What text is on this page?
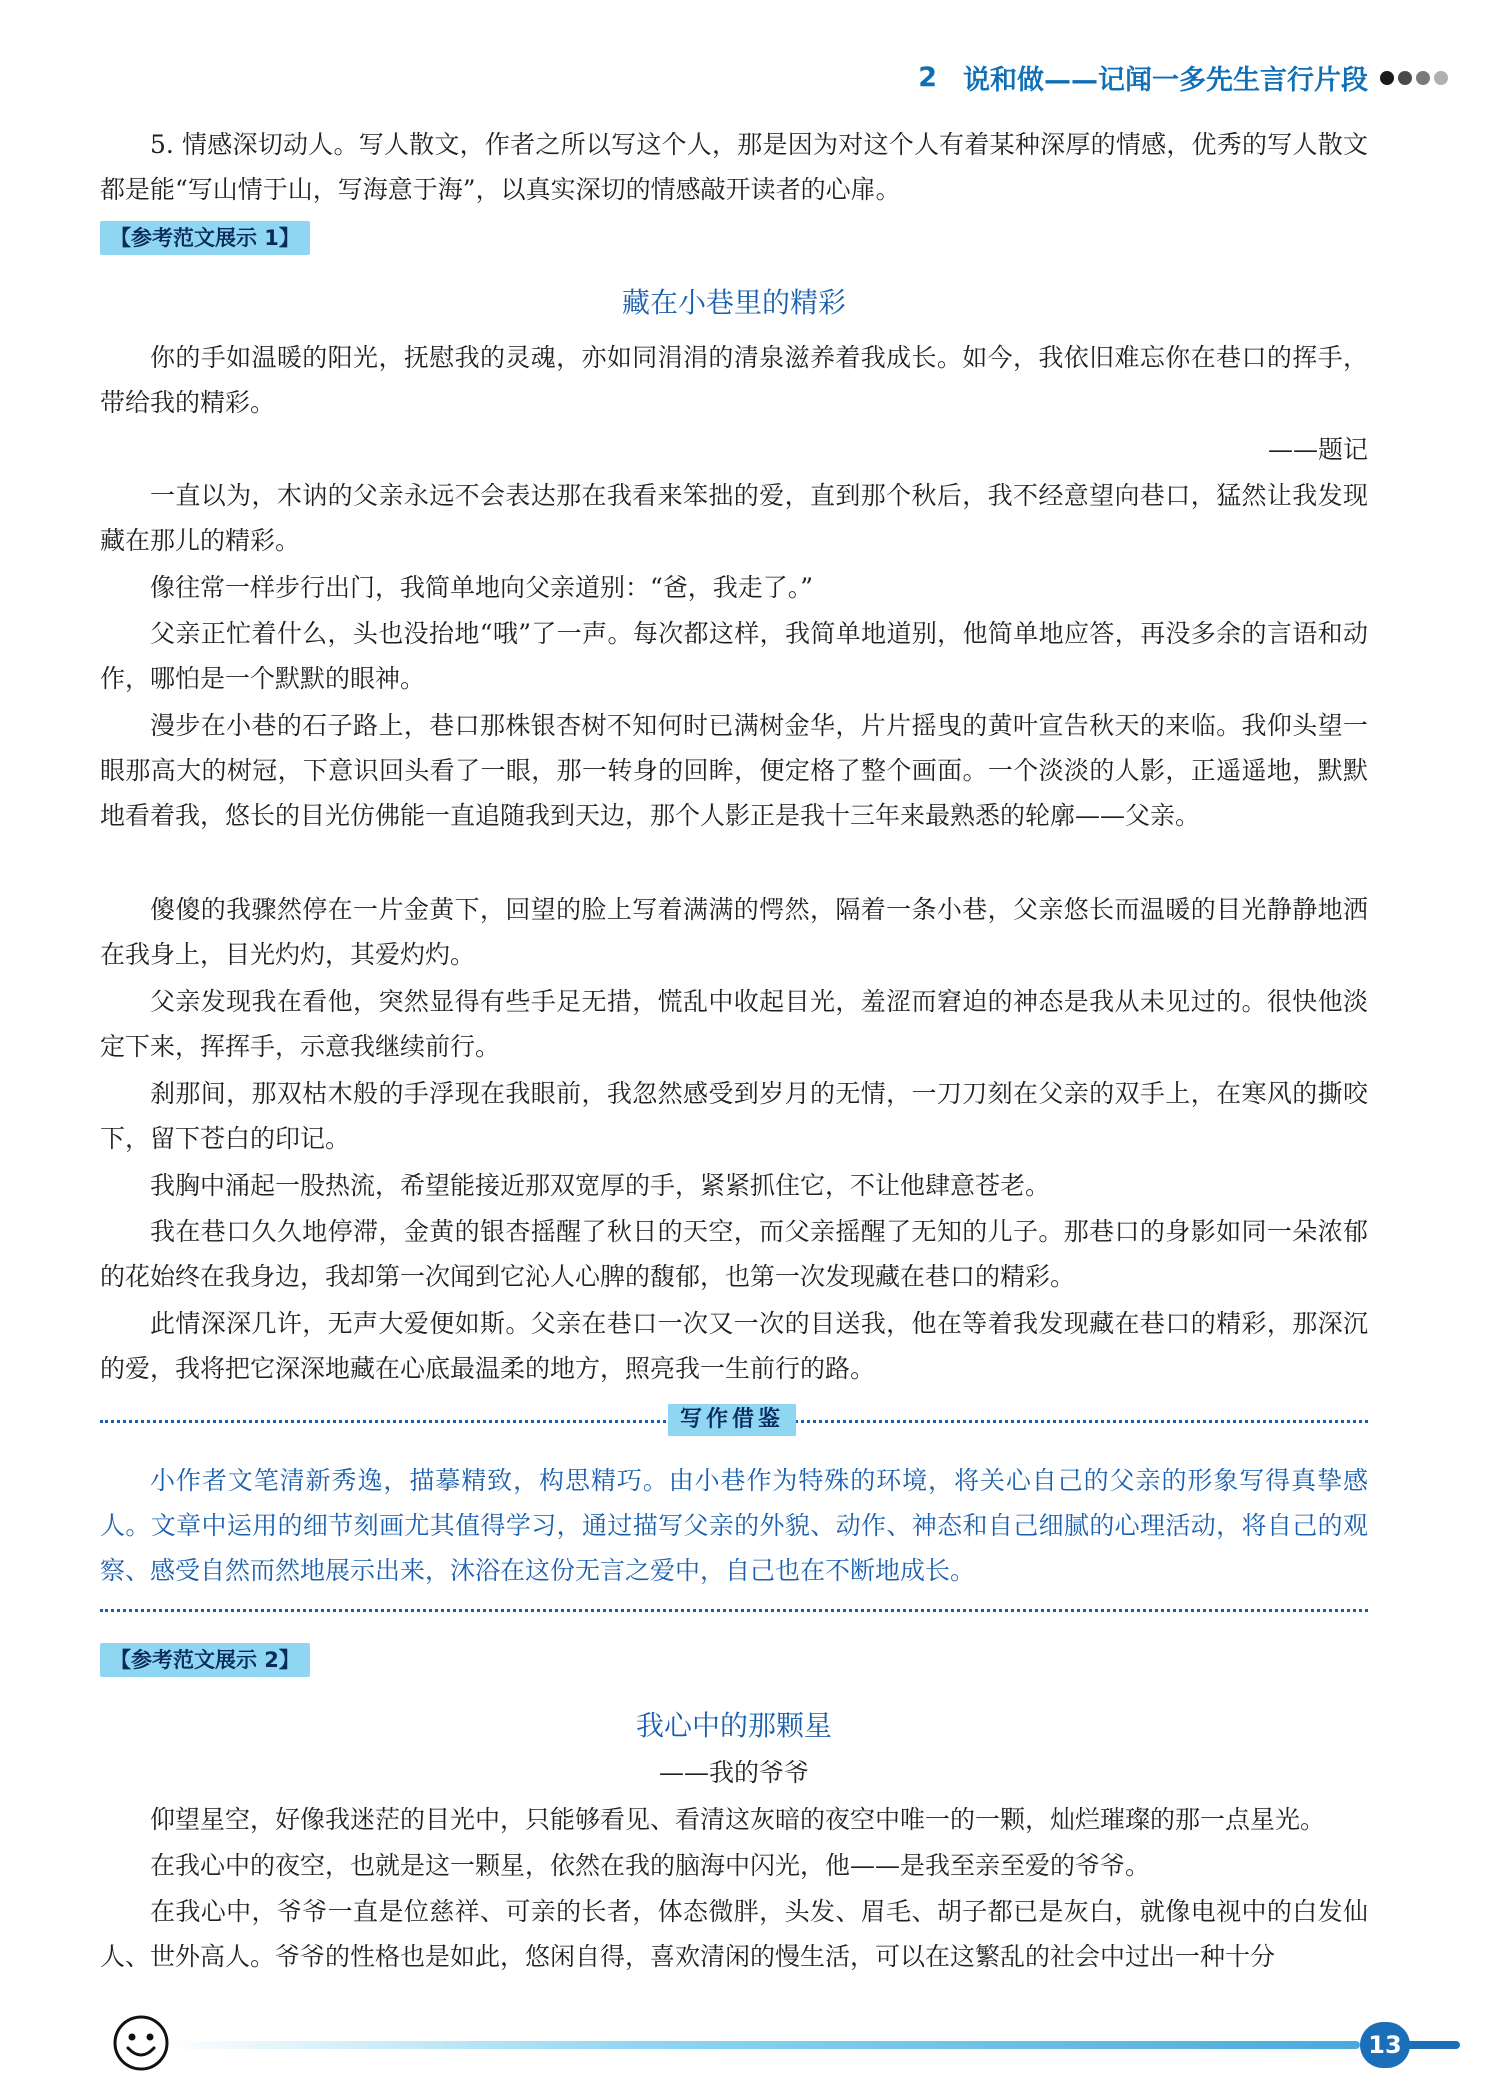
2 说和做——记闻一多先生言行片段

5. 情感深切动人。写人散文，作者之所以写这个人，那是因为对这个人有着某种深厚的情感，优秀的写人散文都是能“写山情于山，写海意于海”，以真实深切的情感敲开读者的心扉。

【参考范文展示 1】
藏在小巷里的精彩

你的手如温暖的阳光，抚慰我的灵魂，亦如同涓涓的清泉滋养着我成长。如今，我依旧难忘你在巷口的挥手，带给我的精彩。

——题记

一直以为，木讷的父亲永远不会表达那在我看来笨拙的爱，直到那个秋后，我不经意望向巷口，猛然让我发现藏在那儿的精彩。

像往常一样步行出门，我简单地向父亲道别：“爸，我走了。”

父亲正忙着什么，头也没抬地“哦”了一声。每次都这样，我简单地道别，他简单地应答，再没多余的言语和动作，哪怕是一个默默的眼神。

漫步在小巷的石子路上，巷口那株银杏树不知何时已满树金华，片片摇曳的黄叶宣告秋天的来临。我仰头望一眼那高大的树冠，下意识回头看了一眼，那一转身的回眸，便定格了整个画面。一个淡淡的人影，正遥遥地，默默地看着我，悠长的目光仿佛能一直追随我到天边，那个人影正是我十三年来最熟悉的轮廓——父亲。

傻傻的我骤然停在一片金黄下，回望的脸上写着满满的愕然，隔着一条小巷，父亲悠长而温暖的目光静静地洒在我身上，目光灼灼，其爱灼灼。

父亲发现我在看他，突然显得有些手足无措，慌乱中收起目光，羞涩而窘迫的神态是我从未见过的。很快他淡定下来，挥挥手，示意我继续前行。

刹那间，那双枯木般的手浮现在我眼前，我忽然感受到岁月的无情，一刀刀刻在父亲的双手上，在寒风的撕咬下，留下苍白的印记。

我胸中涌起一股热流，希望能接近那双宽厚的手，紧紧抓住它，不让他肆意苍老。

我在巷口久久地停滞，金黄的银杏摇醒了秋日的天空，而父亲摇醒了无知的儿子。那巷口的身影如同一朵浓郁的花始终在我身边，我却第一次闻到它沁人心脾的馥郁，也第一次发现藏在巷口的精彩。

此情深深几许，无声大爱便如斯。父亲在巷口一次又一次的目送我，他在等着我发现藏在巷口的精彩，那深沉的爱，我将把它深深地藏在心底最温柔的地方，照亮我一生前行的路。

写作借鉴

小作者文笔清新秀逸，描摹精致，构思精巧。由小巷作为特殊的环境，将关心自己的父亲的形象写得真挚感人。文章中运用的细节刻画尤其值得学习，通过描写父亲的外貌、动作、神态和自己细腻的心理活动，将自己的观察、感受自然而然地展示出来，沐浴在这份无言之爱中，自己也在不断地成长。

【参考范文展示 2】
我心中的那颗星
——我的爷爷

仰望星空，好像我迷茫的目光中，只能够看见、看清这灰暗的夜空中唯一的一颗，灿烂璀璨的那一点星光。

在我心中的夜空，也就是这一颗星，依然在我的脑海中闪光，他——是我至亲至爱的爷爷。

在我心中，爷爷一直是位慈祥、可亲的长者，体态微胖，头发、眉毛、胡子都已是灰白，就像电视中的白发仙人、世外高人。爷爷的性格也是如此，悠闲自得，喜欢清闲的慢生活，可以在这繁乱的社会中过出一种十分

13
